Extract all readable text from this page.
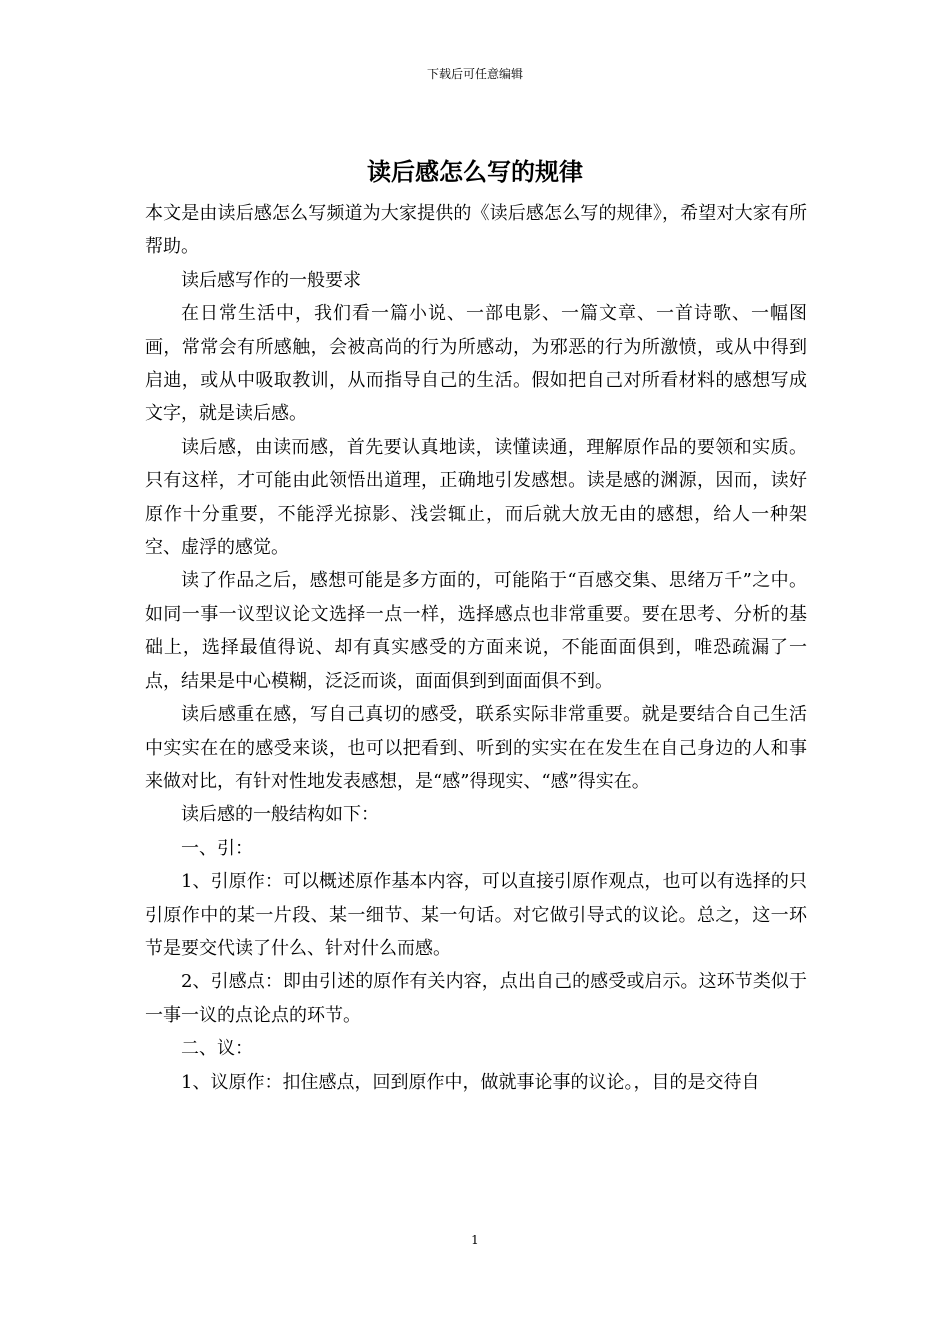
下载后可任意编辑
读后感怎么写的规律

本文是由读后感怎么写频道为大家提供的《读后感怎么写的规律》，希望对大家有所帮助。

读后感写作的一般要求

在日常生活中，我们看一篇小说、一部电影、一篇文章、一首诗歌、一幅图画，常常会有所感触，会被高尚的行为所感动，为邪恶的行为所激愤，或从中得到启迪，或从中吸取教训，从而指导自己的生活。假如把自己对所看材料的感想写成文字，就是读后感。

读后感，由读而感，首先要认真地读，读懂读通，理解原作品的要领和实质。只有这样，才可能由此领悟出道理，正确地引发感想。读是感的渊源，因而，读好原作十分重要，不能浮光掠影、浅尝辄止，而后就大放无由的感想，给人一种架空、虚浮的感觉。

读了作品之后，感想可能是多方面的，可能陷于“百感交集、思绪万千”之中。如同一事一议型议论文选择一点一样，选择感点也非常重要。要在思考、分析的基础上，选择最值得说、却有真实感受的方面来说，不能面面俱到，唯恐疏漏了一点，结果是中心模糊，泛泛而谈，面面俱到到面面俱不到。

读后感重在感，写自己真切的感受，联系实际非常重要。就是要结合自己生活中实实在在的感受来谈，也可以把看到、听到的实实在在发生在自己身边的人和事来做对比，有针对性地发表感想，是“感”得现实、“感”得实在。

读后感的一般结构如下：

一、引：

1、引原作：可以概述原作基本内容，可以直接引原作观点，也可以有选择的只引原作中的某一片段、某一细节、某一句话。对它做引导式的议论。总之，这一环节是要交代读了什么、针对什么而感。

2、引感点：即由引述的原作有关内容，点出自己的感受或启示。这环节类似于一事一议的点论点的环节。

二、议：

1、议原作：扣住感点，回到原作中，做就事论事的议论。，目的是交待自

1
